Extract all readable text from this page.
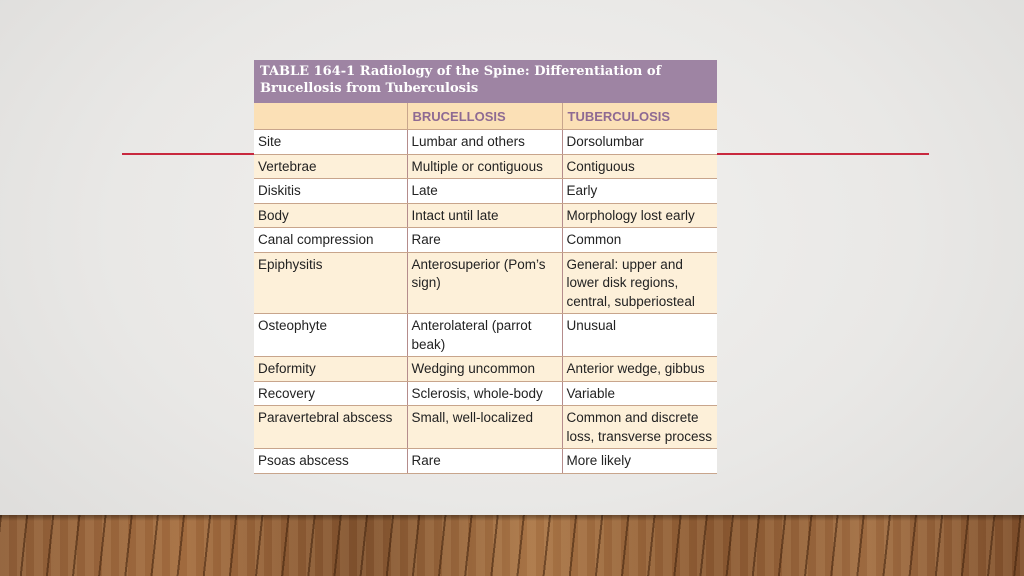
TABLE 164-1 Radiology of the Spine: Differentiation of Brucellosis from Tuberculosis
	BRUCELLOSIS	TUBERCULOSIS
Site	Lumbar and others	Dorsolumbar
Vertebrae	Multiple or contiguous	Contiguous
Diskitis	Late	Early
Body	Intact until late	Morphology lost early
Canal compression	Rare	Common
Epiphysitis	Anterosuperior (Pom’s sign)	General: upper and lower disk regions, central, subperiosteal
Osteophyte	Anterolateral (parrot beak)	Unusual
Deformity	Wedging uncommon	Anterior wedge, gibbus
Recovery	Sclerosis, whole-body	Variable
Paravertebral abscess	Small, well-localized	Common and discrete loss, transverse process
Psoas abscess	Rare	More likely
